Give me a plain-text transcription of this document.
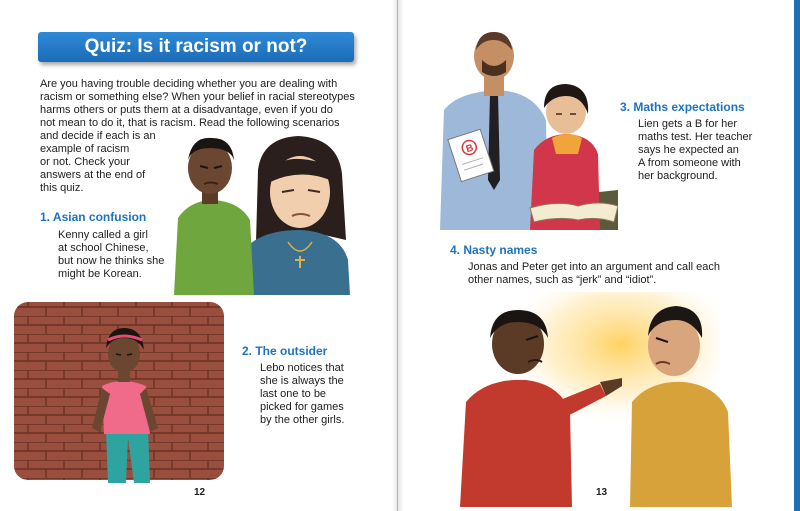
Quiz: Is it racism or not?

Are you having trouble deciding whether you are dealing with

racism or something else? When your belief in racial stereotypes

harms others or puts them at a disadvantage, even if you do

not mean to do it, that is racism. Read the following scenarios

and decide if each is an

example of racism

or not. Check your

answers at the end of

this quiz.

1. Asian confusion

Kenny called a girl

at school Chinese,

but now he thinks she

might be Korean.

2. The outsider

Lebo notices that

she is always the

last one to be

picked for games

by the other girls.

12
B

3. Maths expectations

Lien gets a B for her

maths test. Her teacher

says he expected an

A from someone with

her background.

4. Nasty names

Jonas and Peter get into an argument and call each

other names, such as “jerk” and “idiot”.

13
